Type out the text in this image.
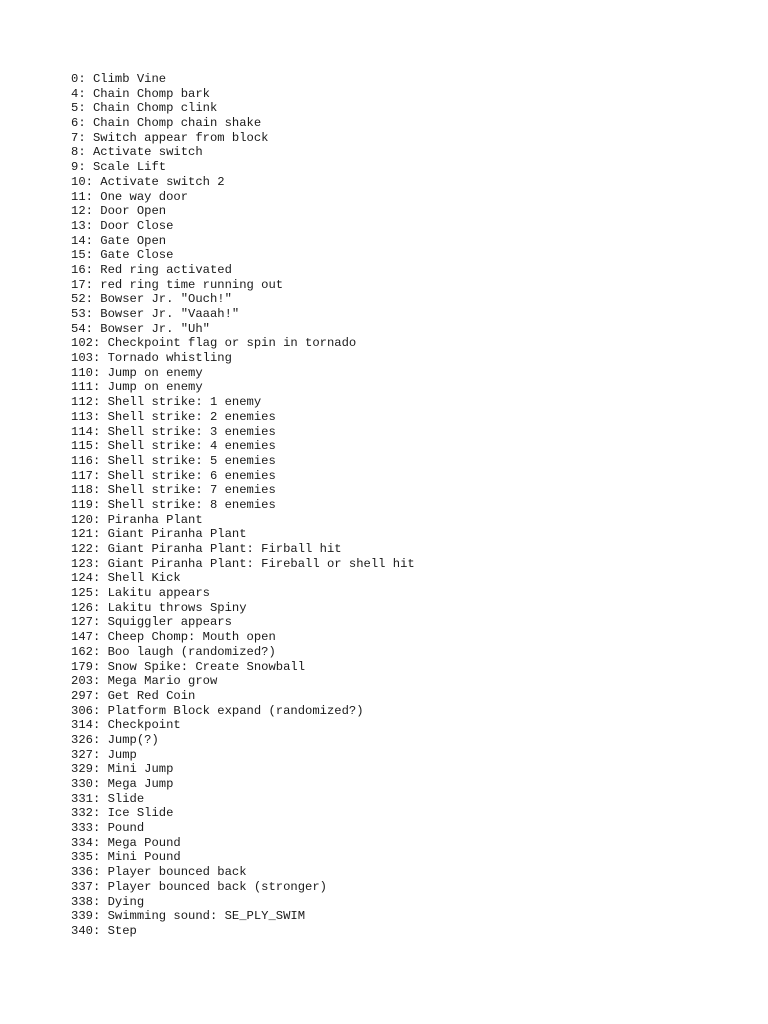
0: Climb Vine
4: Chain Chomp bark
5: Chain Chomp clink
6: Chain Chomp chain shake
7: Switch appear from block
8: Activate switch
9: Scale Lift
10: Activate switch 2
11: One way door
12: Door Open
13: Door Close
14: Gate Open
15: Gate Close
16: Red ring activated
17: red ring time running out
52: Bowser Jr. "Ouch!"
53: Bowser Jr. "Vaaah!"
54: Bowser Jr. "Uh"
102: Checkpoint flag or spin in tornado
103: Tornado whistling
110: Jump on enemy
111: Jump on enemy
112: Shell strike: 1 enemy
113: Shell strike: 2 enemies
114: Shell strike: 3 enemies
115: Shell strike: 4 enemies
116: Shell strike: 5 enemies
117: Shell strike: 6 enemies
118: Shell strike: 7 enemies
119: Shell strike: 8 enemies
120: Piranha Plant
121: Giant Piranha Plant
122: Giant Piranha Plant: Firball hit
123: Giant Piranha Plant: Fireball or shell hit
124: Shell Kick
125: Lakitu appears
126: Lakitu throws Spiny
127: Squiggler appears
147: Cheep Chomp: Mouth open
162: Boo laugh (randomized?)
179: Snow Spike: Create Snowball
203: Mega Mario grow
297: Get Red Coin
306: Platform Block expand (randomized?)
314: Checkpoint
326: Jump(?)
327: Jump
329: Mini Jump
330: Mega Jump
331: Slide
332: Ice Slide
333: Pound
334: Mega Pound
335: Mini Pound
336: Player bounced back
337: Player bounced back (stronger)
338: Dying
339: Swimming sound: SE_PLY_SWIM
340: Step
